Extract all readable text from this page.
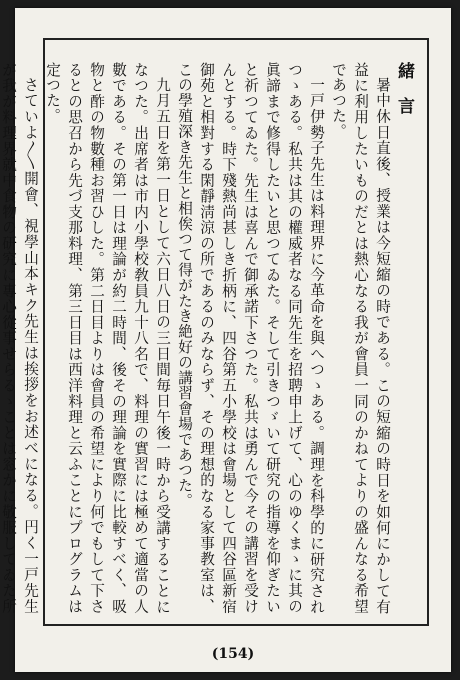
緒言

暑中休日直後、授業は今短縮の時である。この短縮の時日を如何にかして有益に利用したいものだとは熱心なる我が會員一同のかねてよりの盛んなる希望であつた。

一戸伊勢子先生は料理界に今革命を與へつゝある。調理を科學的に研究されつゝある。私共は其の權威者なる同先生を招聘申上げて、心のゆくまゝに其の眞諦まで修得したいと思つてゐた。そして引きつゞいて研究の指導を仰ぎたいと祈つてゐた。先生は喜んで御承諾下さつた。私共は勇んで今その講習を受けんとする。時下殘熱尚甚しき折柄に、四谷第五小學校は會場として四谷區新宿御苑と相對する閑靜淸涼の所であるのみならず、その理想的なる家事教室は、この學殖深き先生と相俟つて得がたき絶好の講習會場であつた。

九月五日を第一日として六日八日の三日間毎日午後一時から受講することになつた。出席者は市内小學校敎員九十八名で、料理の實習には極めて適當の人數である。その第一日は理論が約二時間、後その理論を實際に比較すべく、吸物と酢の物數種お習ひした。第二日目よりは會員の希望により何でもして下さるとの思召から先づ支那料理、第三日目は西洋料理と云ふことにプログラムは定つた。

さていよ〳〵開會、視學山本キク先生は挨拶をお述べになる。円く一戸先生が我が料理界就中食物の研究に專心從事せらるゝことは窓かに敬服してゐた所

(154)
